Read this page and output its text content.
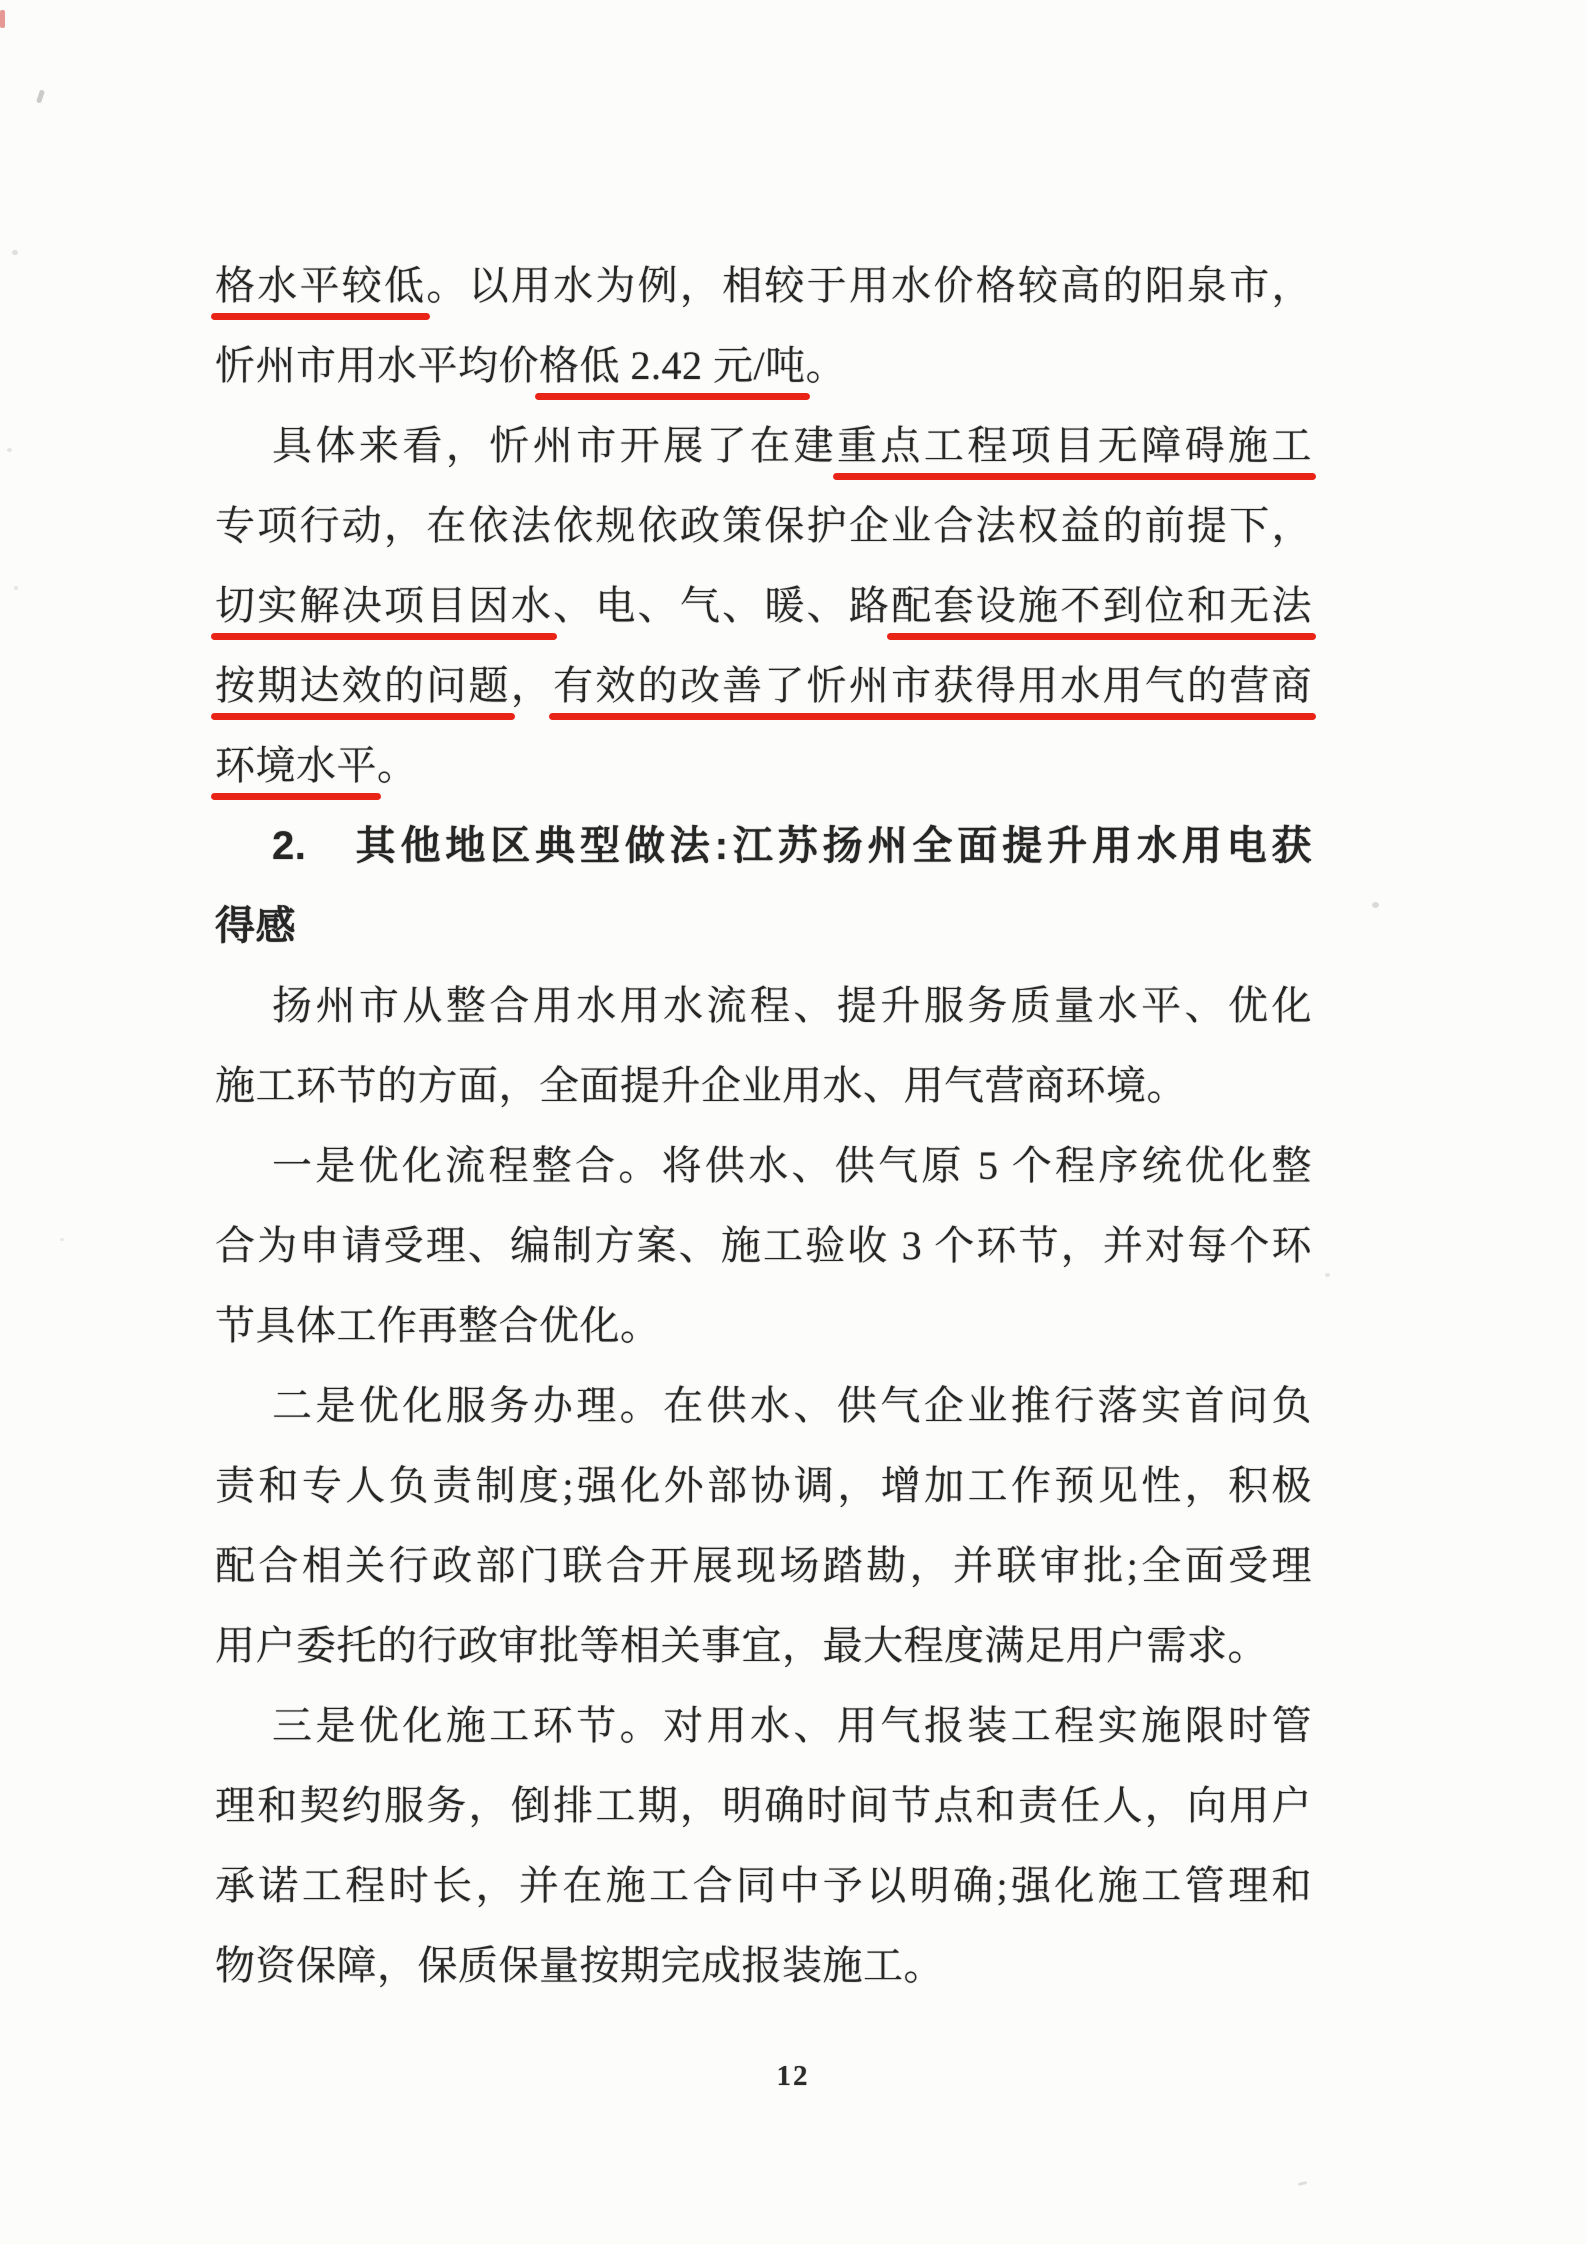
格水平较低。以用水为例，相较于用水价格较高的阳泉市，
忻州市用水平均价格低 2.42 元/吨。
具体来看，忻州市开展了在建重点工程项目无障碍施工
专项行动，在依法依规依政策保护企业合法权益的前提下，
切实解决项目因水、电、气、暖、路配套设施不到位和无法
按期达效的问题，有效的改善了忻州市获得用水用气的营商
环境水平。
2.　其他地区典型做法:江苏扬州全面提升用水用电获
得感
扬州市从整合用水用水流程、提升服务质量水平、优化
施工环节的方面，全面提升企业用水、用气营商环境。
一是优化流程整合。将供水、供气原 5 个程序统优化整
合为申请受理、编制方案、施工验收 3 个环节，并对每个环
节具体工作再整合优化。
二是优化服务办理。在供水、供气企业推行落实首问负
责和专人负责制度;强化外部协调，增加工作预见性，积极
配合相关行政部门联合开展现场踏勘，并联审批;全面受理
用户委托的行政审批等相关事宜，最大程度满足用户需求。
三是优化施工环节。对用水、用气报装工程实施限时管
理和契约服务，倒排工期，明确时间节点和责任人，向用户
承诺工程时长，并在施工合同中予以明确;强化施工管理和
物资保障，保质保量按期完成报装施工。
12
